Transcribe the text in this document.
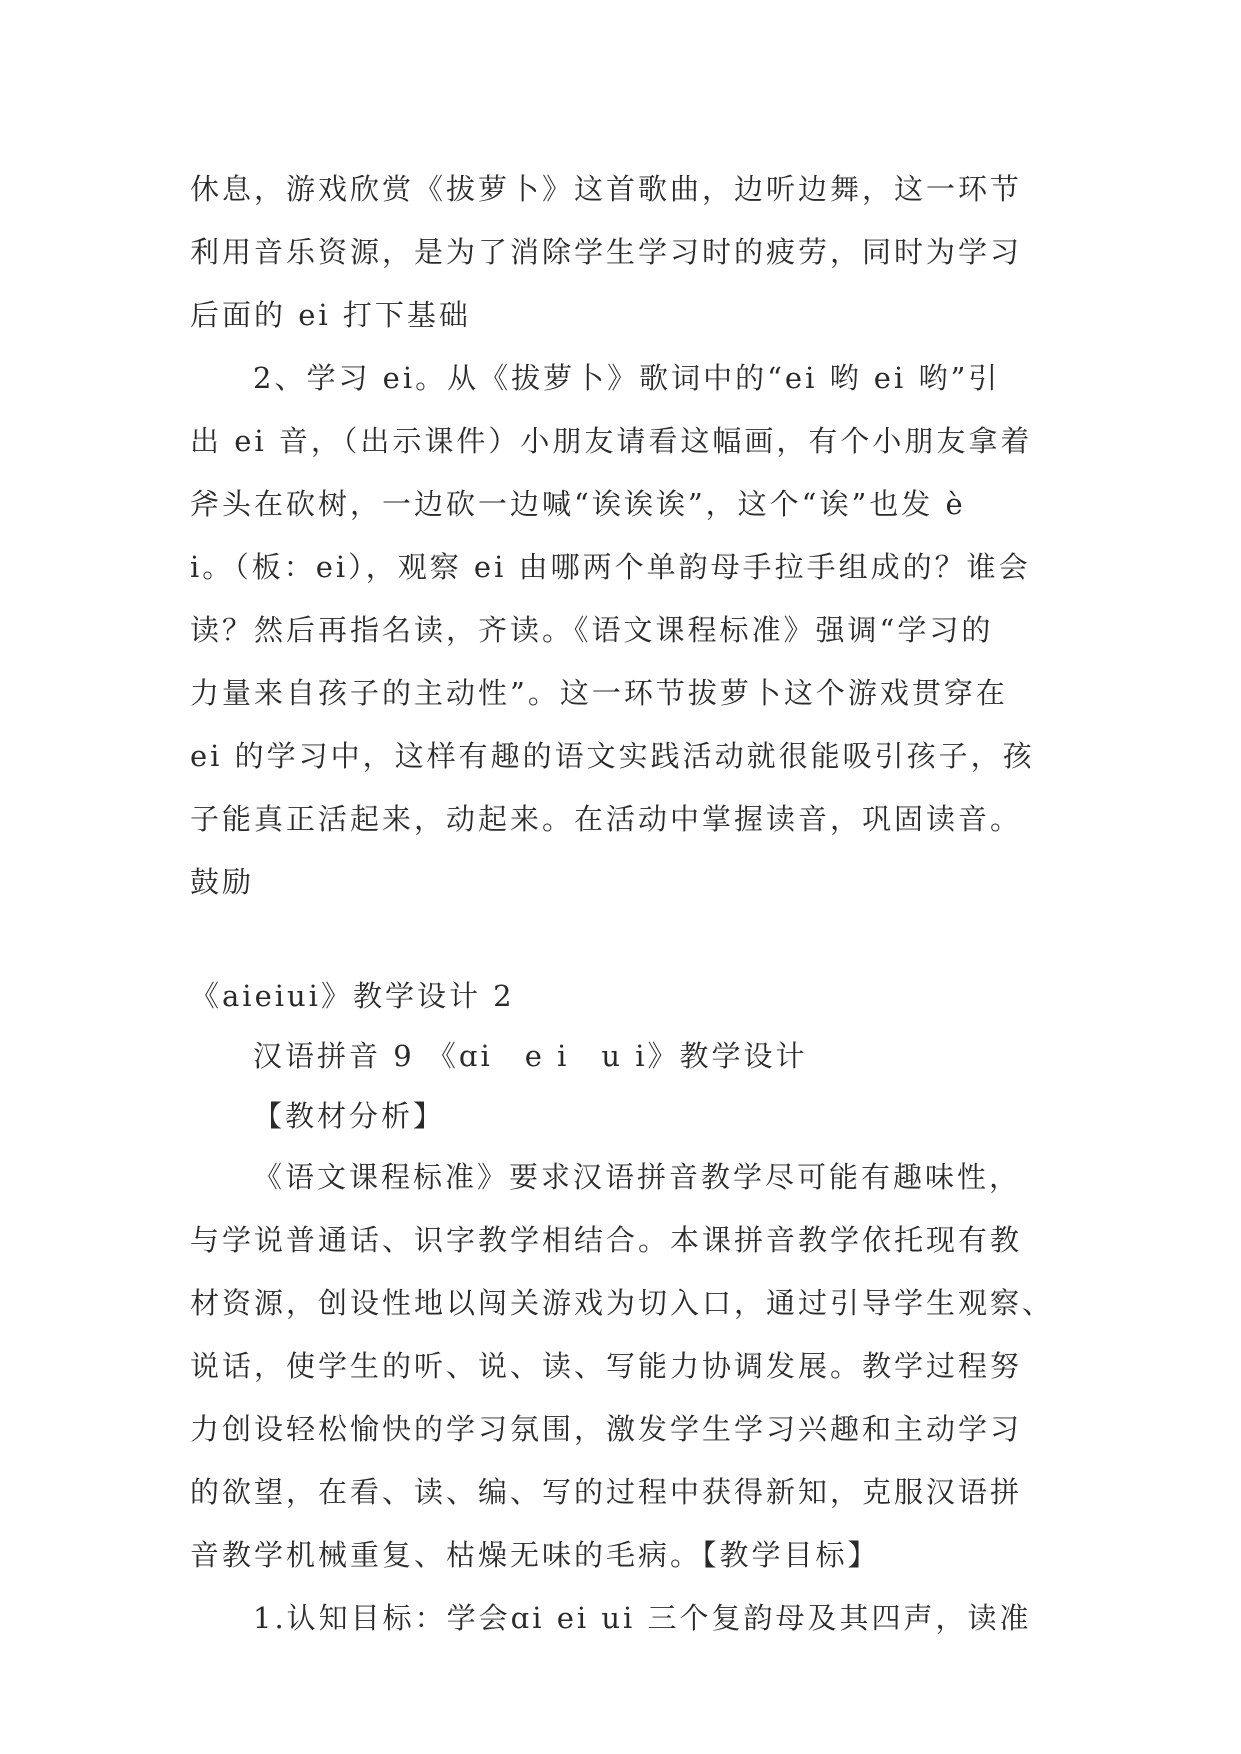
休息，游戏欣赏《拔萝卜》这首歌曲，边听边舞，这一环节
利用音乐资源，是为了消除学生学习时的疲劳，同时为学习
后面的 ei 打下基础
2、学习 ei。从《拔萝卜》歌词中的“ei 哟 ei 哟”引
出 ei 音，（出示课件）小朋友请看这幅画，有个小朋友拿着
斧头在砍树，一边砍一边喊“诶诶诶”，这个“诶”也发 è
i。（板：ei），观察 ei 由哪两个单韵母手拉手组成的？谁会
读？然后再指名读，齐读。《语文课程标准》强调“学习的
力量来自孩子的主动性”。这一环节拔萝卜这个游戏贯穿在
ei 的学习中，这样有趣的语文实践活动就很能吸引孩子，孩
子能真正活起来，动起来。在活动中掌握读音，巩固读音。
鼓励
《aieiui》教学设计 2
汉语拼音 9 《ɑi　e i　u i》教学设计
【教材分析】
《语文课程标准》要求汉语拼音教学尽可能有趣味性，
与学说普通话、识字教学相结合。本课拼音教学依托现有教
材资源，创设性地以闯关游戏为切入口，通过引导学生观察、
说话，使学生的听、说、读、写能力协调发展。教学过程努
力创设轻松愉快的学习氛围，激发学生学习兴趣和主动学习
的欲望，在看、读、编、写的过程中获得新知，克服汉语拼
音教学机械重复、枯燥无味的毛病。【教学目标】
1.认知目标：学会ɑi ei ui 三个复韵母及其四声，读准
